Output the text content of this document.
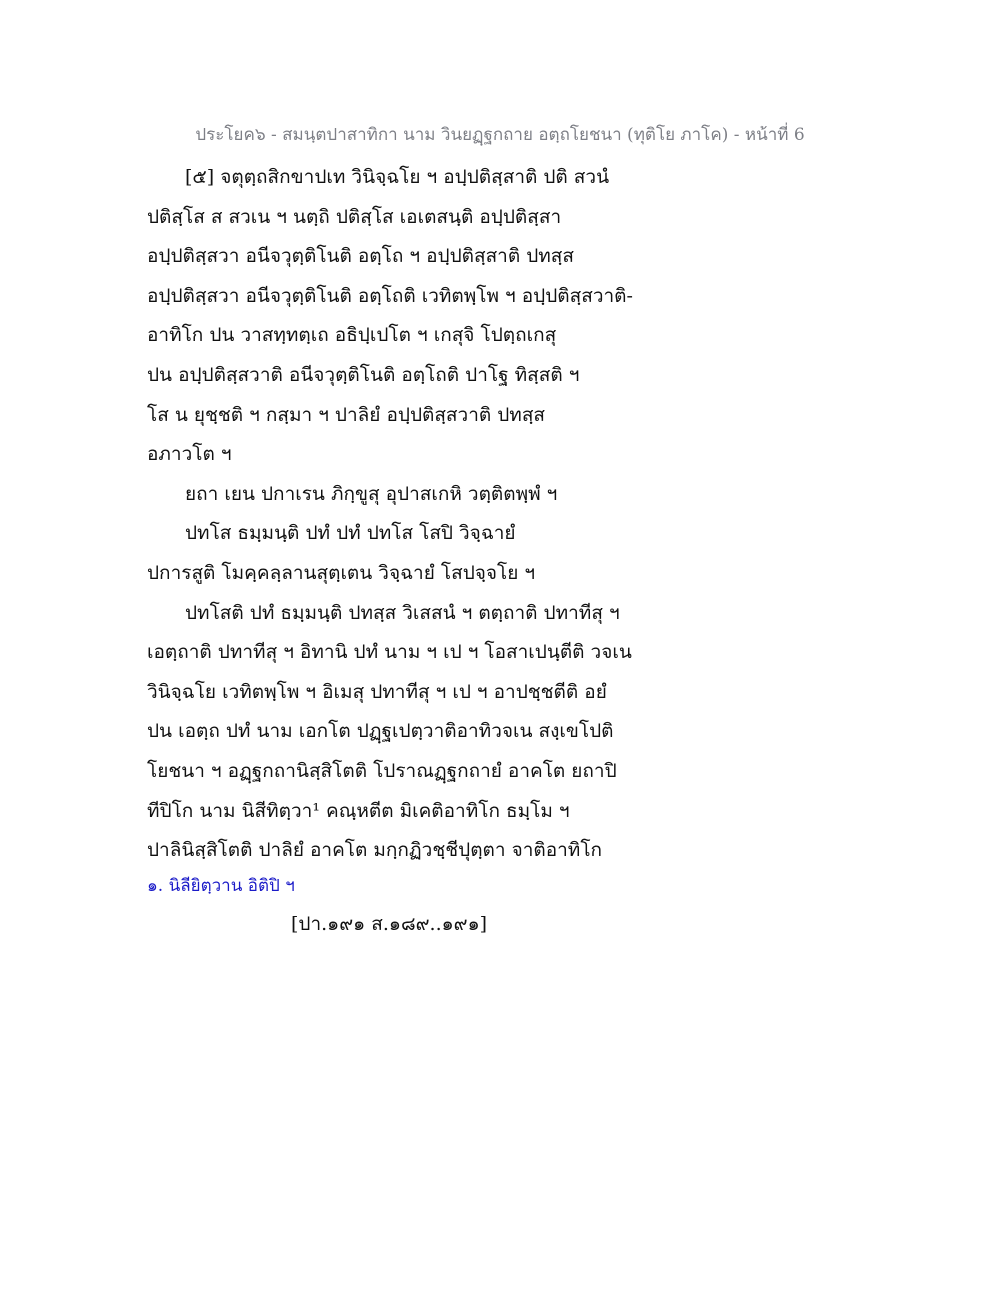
ประโยค๖ - สมนฺตปาสาทิกา นาม วินยฏฺฐกถาย อตฺถโยชนา (ทุติโย ภาโค) - หน้าที่ 6
[๕] จตุตฺถสิกขาปเท วินิจฺฉโย ฯ อปฺปติสฺสาติ ปติ สวนํ
ปติสฺโส ส สวเน ฯ นตฺถิ ปติสฺโส เอเตสนฺติ อปฺปติสฺสา
อปฺปติสฺสวา อนีจวุตฺติโนติ อตฺโถ ฯ อปฺปติสฺสาติ ปทสฺส
อปฺปติสฺสวา อนีจวุตฺติโนติ อตฺโถติ เวทิตพฺโพ ฯ อปฺปติสฺสวาติ-
อาทิโก ปน วาสทฺทตฺเถ อธิปฺเปโต ฯ เกสุจิ โปตฺถเกสุ
ปน อปฺปติสฺสวาติ อนีจวุตฺติโนติ อตฺโถติ ปาโฐ ทิสฺสติ ฯ
โส น ยุชฺชติ ฯ กสฺมา ฯ ปาลิยํ อปฺปติสฺสวาติ ปทสฺส
อภาวโต ฯ
ยถา เยน ปกาเรน ภิกฺขูสุ อุปาสเกหิ วตฺติตพฺพํ ฯ
ปทโส ธมฺมนฺติ ปทํ ปทํ ปทโส โสปิ วิจฺฉายํ
ปการสูติ โมคฺคลฺลานสุตฺเตน วิจฺฉายํ โสปจฺจโย ฯ
ปทโสติ ปทํ ธมฺมนฺติ ปทสฺส วิเสสนํ ฯ ตตฺถาติ ปทาทีสุ ฯ
เอตฺถาติ ปทาทีสุ ฯ อิทานิ ปทํ นาม ฯ เป ฯ โอสาเปนฺตีติ วจเน
วินิจฺฉโย เวทิตพฺโพ ฯ อิเมสุ ปทาทีสุ ฯ เป ฯ อาปชฺชตีติ อยํ
ปน เอตฺถ ปทํ นาม เอกโต ปฏฺฐเปตฺวาติอาทิวจเน สงฺเขโปติ
โยชนา ฯ อฏฺฐกถานิสฺสิโตติ โปราณฏฺฐกถายํ อาคโต ยถาปิ
ทีปิโก นาม นิสีทิตฺวา¹ คณฺหตีต มิเคติอาทิโก ธมฺโม ฯ
ปาลินิสฺสิโตติ ปาลิยํ อาคโต มกฺกฏิวชฺชีปุตฺตา จาติอาทิโก
๑. นิลียิตฺวาน อิติปิ ฯ
[ปา.๑๙๑ ส.๑๘๙..๑๙๑]
